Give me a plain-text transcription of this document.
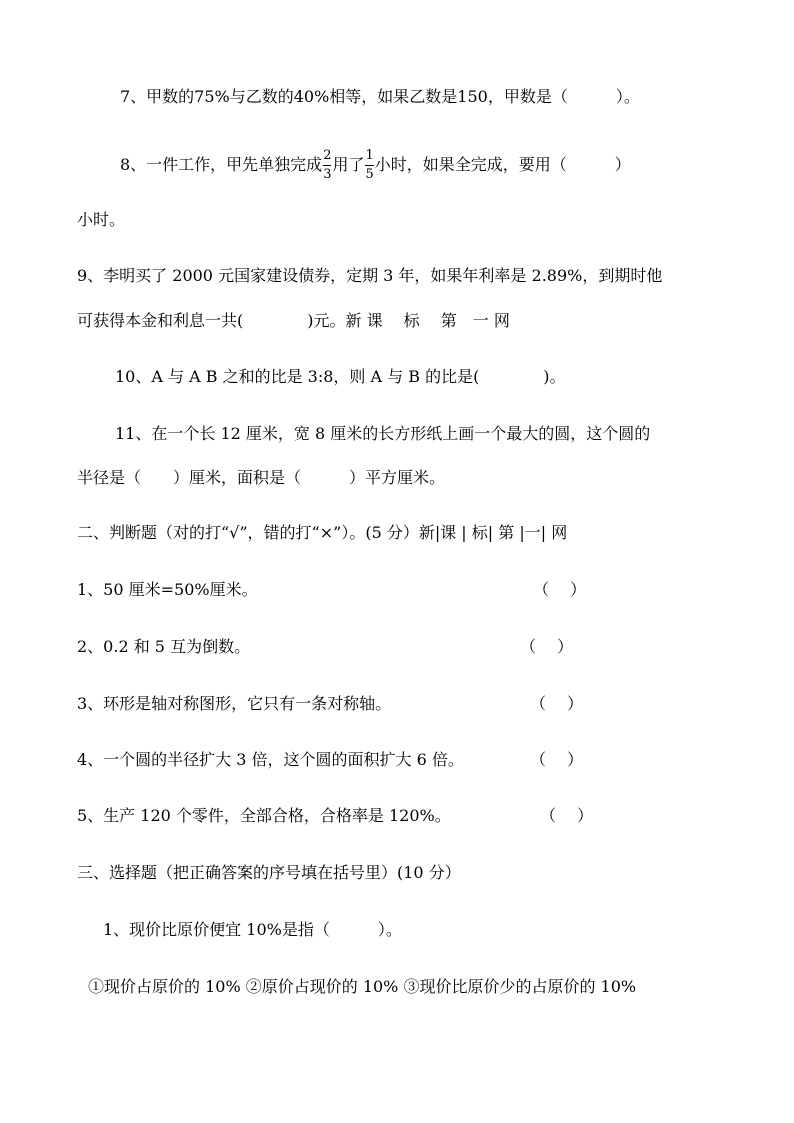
7、甲数的75%与乙数的40%相等，如果乙数是150，甲数是（　　　）。
8、一件工作，甲先单独完成 $\frac{2}{3}$ 用了 $\frac{1}{5}$ 小时，如果全完成，要用（　　　）
小时。
9、李明买了 2000 元国家建设债券，定期 3 年，如果年利率是 2.89%，到期时他
可获得本金和利息一共(　　　　)元。新 课　 标　 第　一 网
10、A 与 A B 之和的比是 3:8，则 A 与 B 的比是(　　　　)。
11、在一个长 12 厘米，宽 8 厘米的长方形纸上画一个最大的圆，这个圆的
半径是（　　）厘米，面积是（　　　）平方厘米。
二、判断题（对的打“√”，错的打“×”）。(5 分）新|课 | 标| 第 |一| 网
1、50 厘米=50%厘米。	（　 ）
2、0.2 和 5 互为倒数。	（　 ）
3、环形是轴对称图形，它只有一条对称轴。	（　 ）
4、一个圆的半径扩大 3 倍，这个圆的面积扩大 6 倍。	（　 ）
5、生产 120 个零件，全部合格，合格率是 120%。	（　 ）
三、选择题（把正确答案的序号填在括号里）(10 分）
1、现价比原价便宜 10%是指（　　　）。
①现价占原价的 10% ②原价占现价的 10% ③现价比原价少的占原价的 10%
